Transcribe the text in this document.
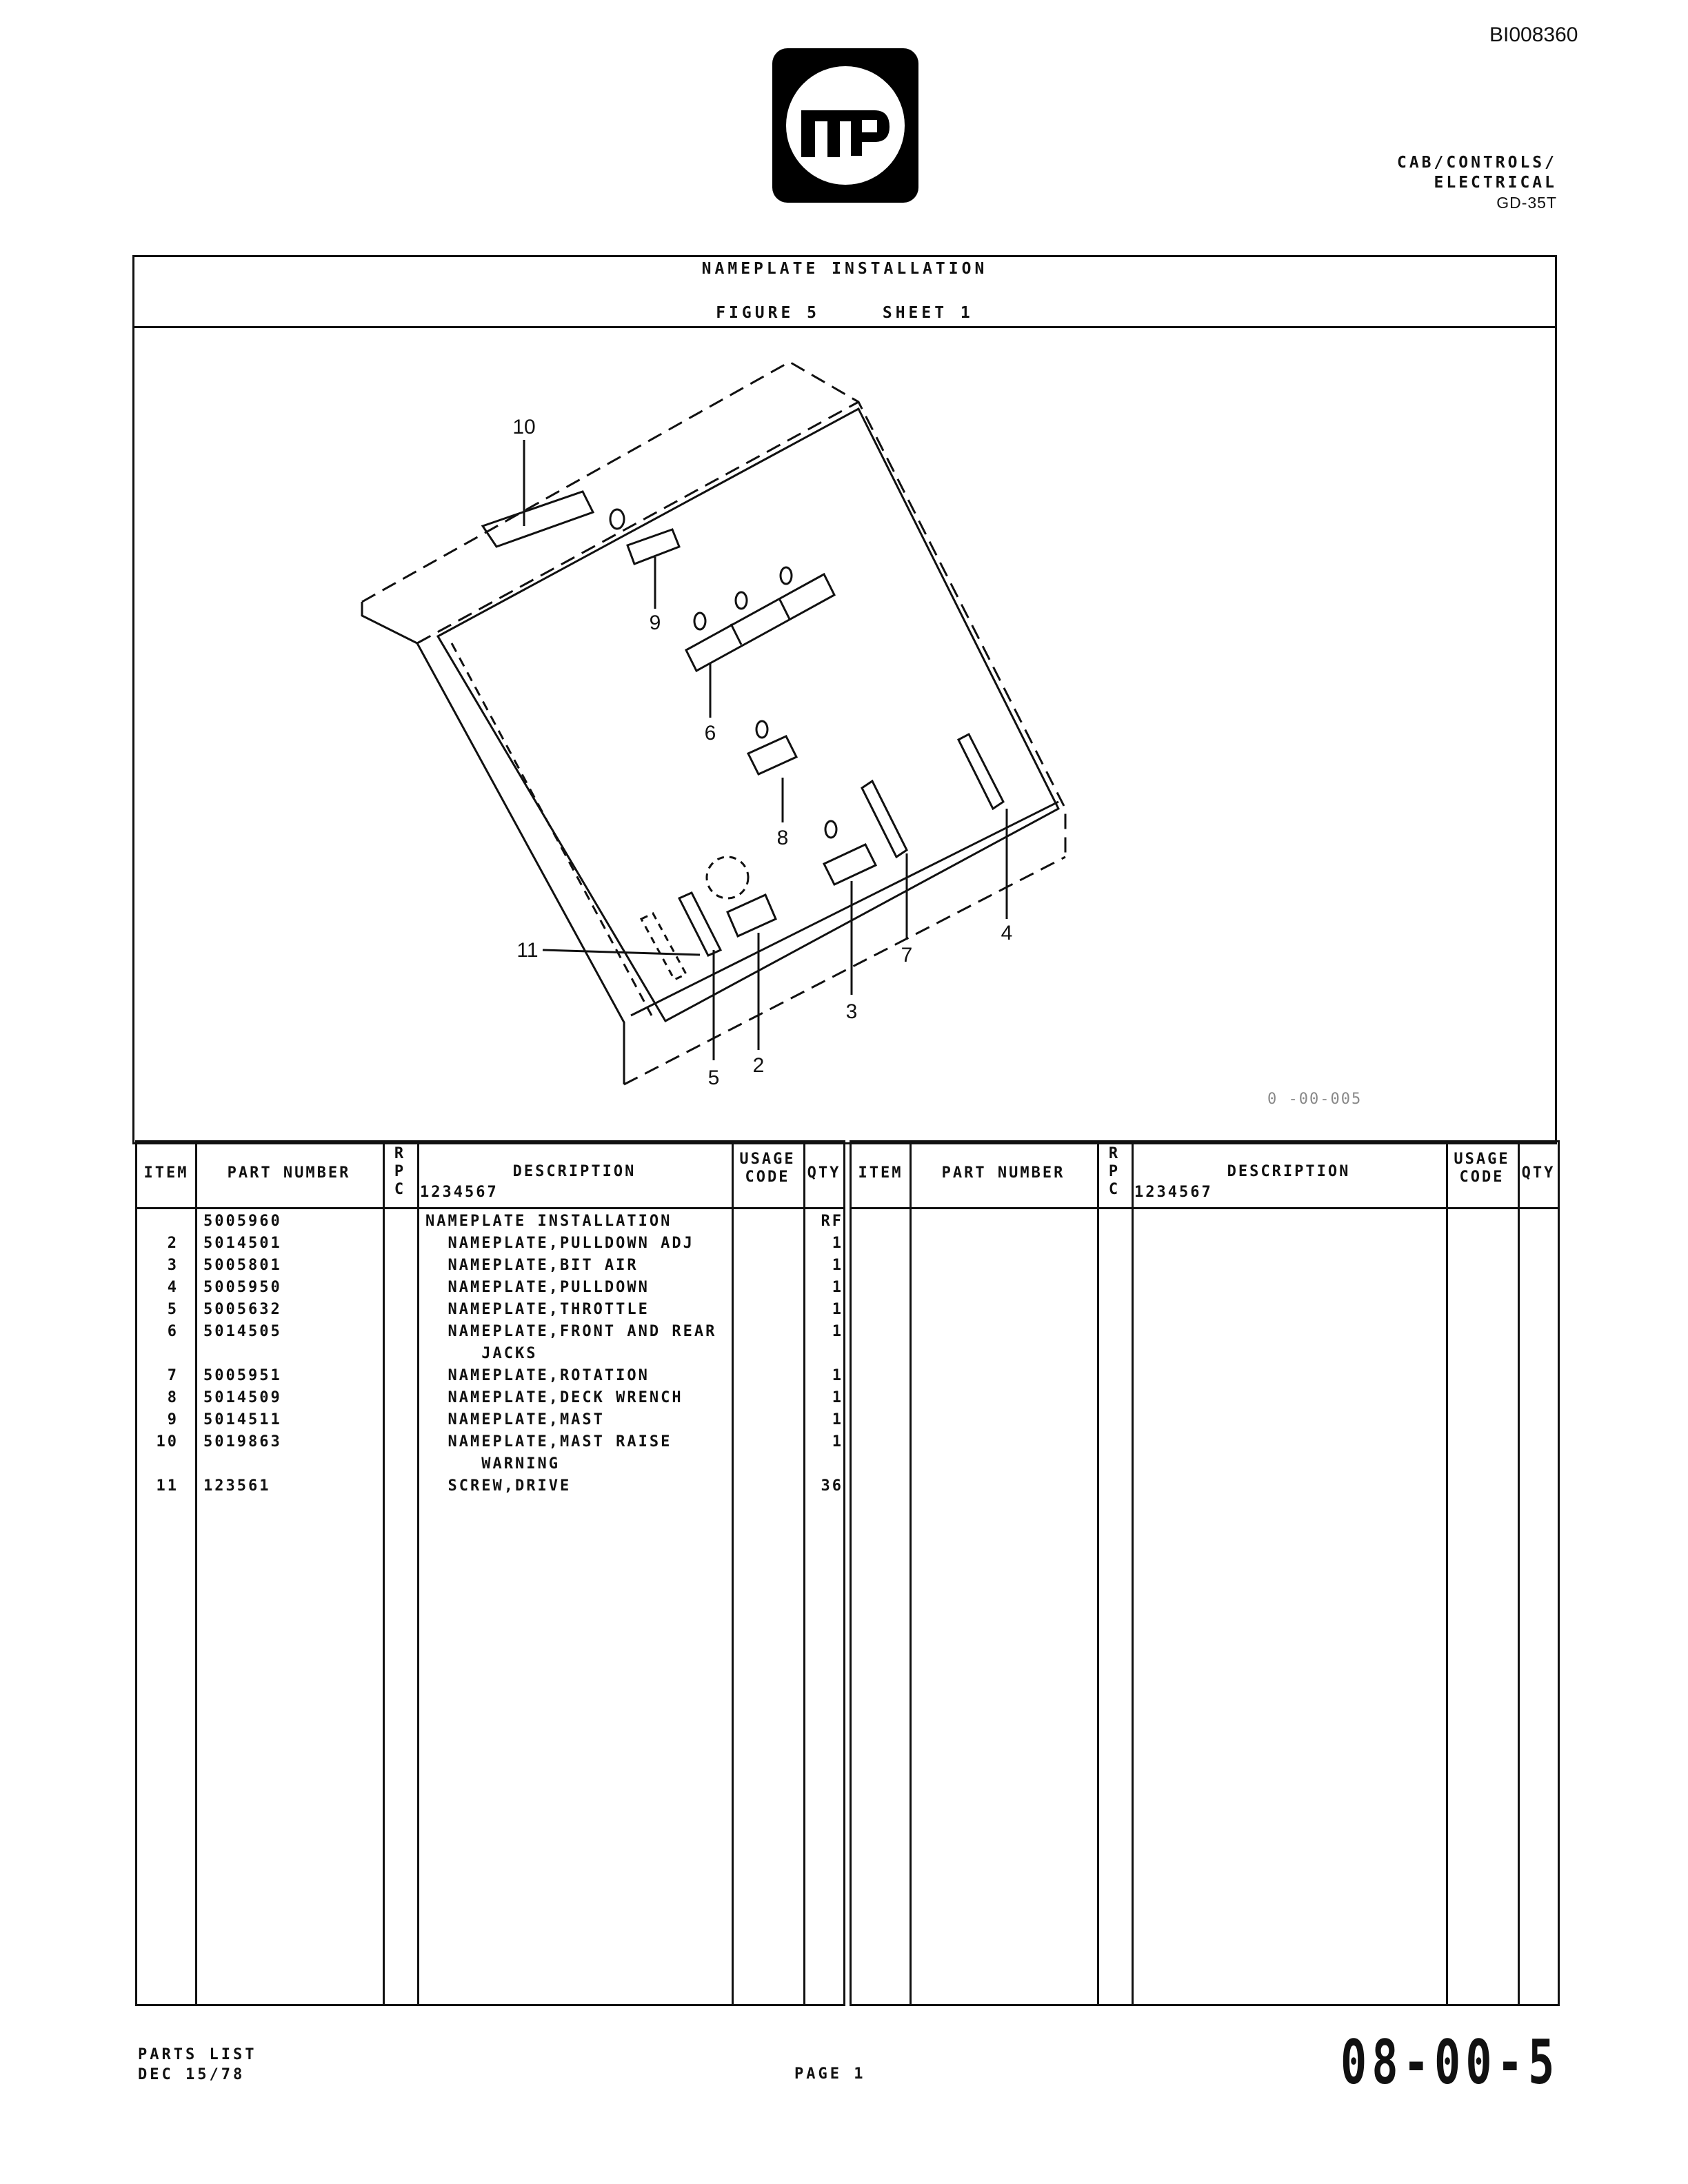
BI008360
CAB/CONTROLS/
ELECTRICAL
GD-35T
NAMEPLATE INSTALLATION
FIGURE 5	SHEET 1
10
9
6
8
11
5
2
3
7
4
0 -00-005
ITEM	PART NUMBER
R
P
C
DESCRIPTION
1234567
USAGE
CODE	QTY
5005960	NAMEPLATE INSTALLATION	RF
2 5014501	NAMEPLATE,PULLDOWN ADJ	1
3 5005801	NAMEPLATE,BIT AIR	1
4 5005950	NAMEPLATE,PULLDOWN	1
5 5005632	NAMEPLATE,THROTTLE	1
6 5014505	NAMEPLATE,FRONT AND REAR	1
JACKS
7 5005951	NAMEPLATE,ROTATION	1
8 5014509	NAMEPLATE,DECK WRENCH	1
9 5014511	NAMEPLATE,MAST	1
10 5019863	NAMEPLATE,MAST RAISE	1
WARNING
11 123561	SCREW,DRIVE	36
ITEM	PART NUMBER
R
P
C
DESCRIPTION
1234567
USAGE
CODE	QTY
PARTS LIST
DEC 15/78	PAGE 1	08-00-5
